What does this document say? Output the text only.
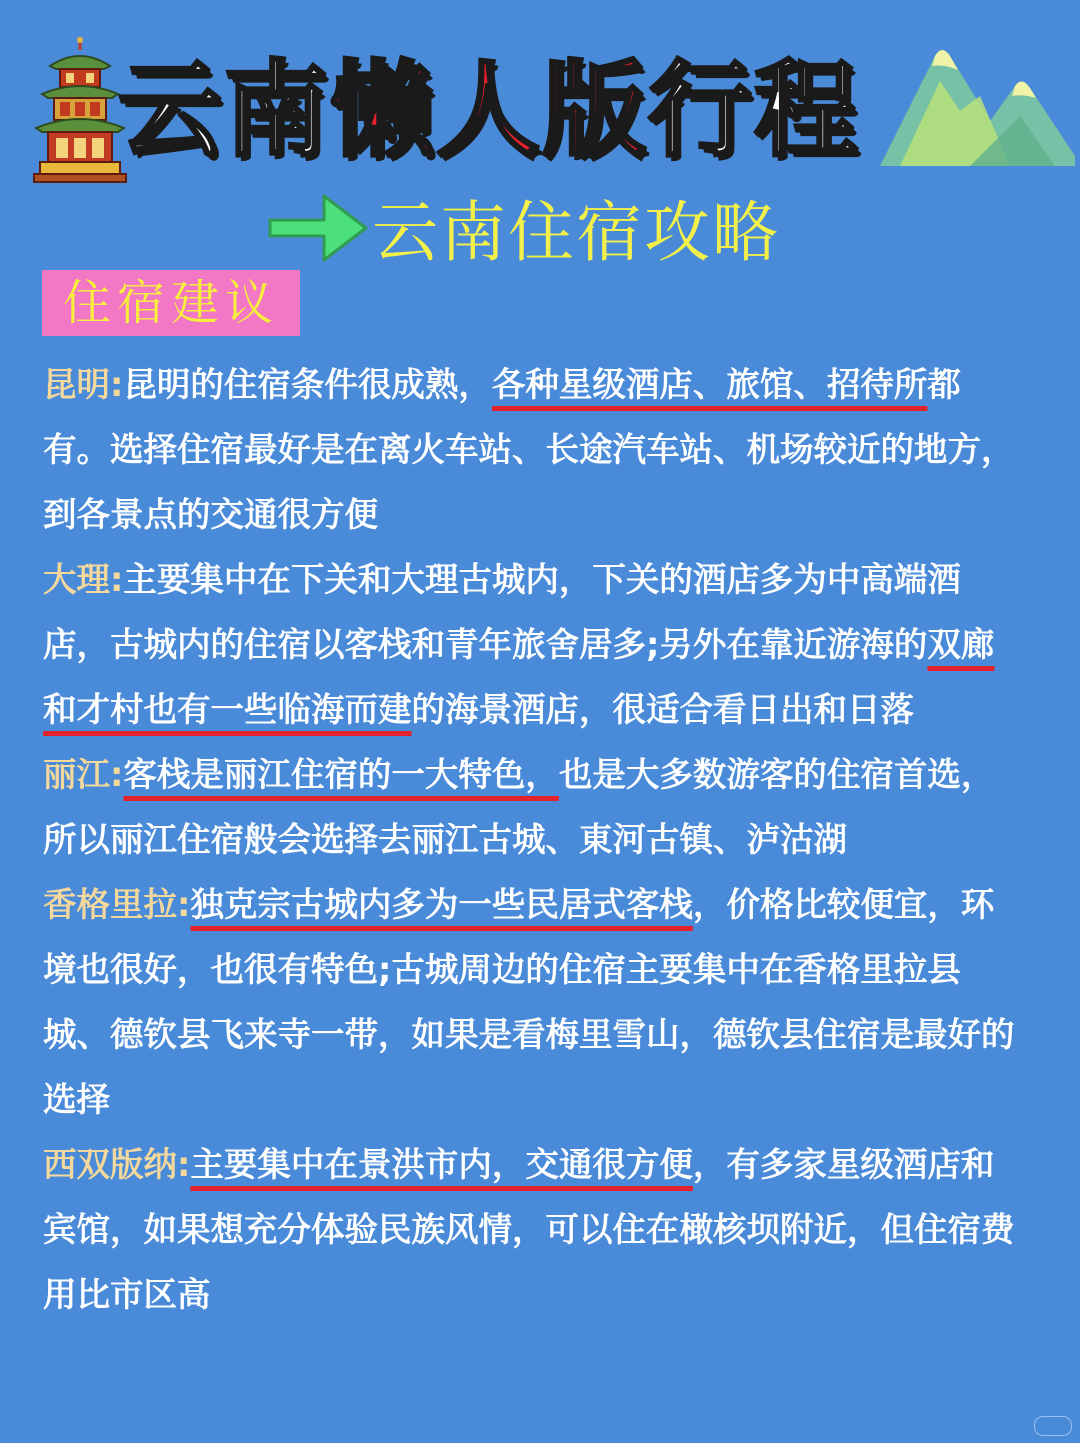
云南懒人版行程
云南住宿攻略
住宿建议

昆明:昆明的住宿条件很成熟，各种星级酒店、旅馆、招待所都有。选择住宿最好是在离火车站、长途汽车站、机场较近的地方，到各景点的交通很方便

大理:主要集中在下关和大理古城内，下关的酒店多为中高端酒店，古城内的住宿以客栈和青年旅舍居多;另外在靠近游海的双廊和才村也有一些临海而建的海景酒店，很适合看日出和日落

丽江:客栈是丽江住宿的一大特色，也是大多数游客的住宿首选，所以丽江住宿般会选择去丽江古城、東河古镇、泸沽湖

香格里拉:独克宗古城内多为一些民居式客栈，价格比较便宜，环境也很好，也很有特色;古城周边的住宿主要集中在香格里拉县城、德钦县飞来寺一带，如果是看梅里雪山，德钦县住宿是最好的选择

西双版纳:主要集中在景洪市内，交通很方便，有多家星级酒店和宾馆，如果想充分体验民族风情，可以住在橄核坝附近，但住宿费用比市区高
